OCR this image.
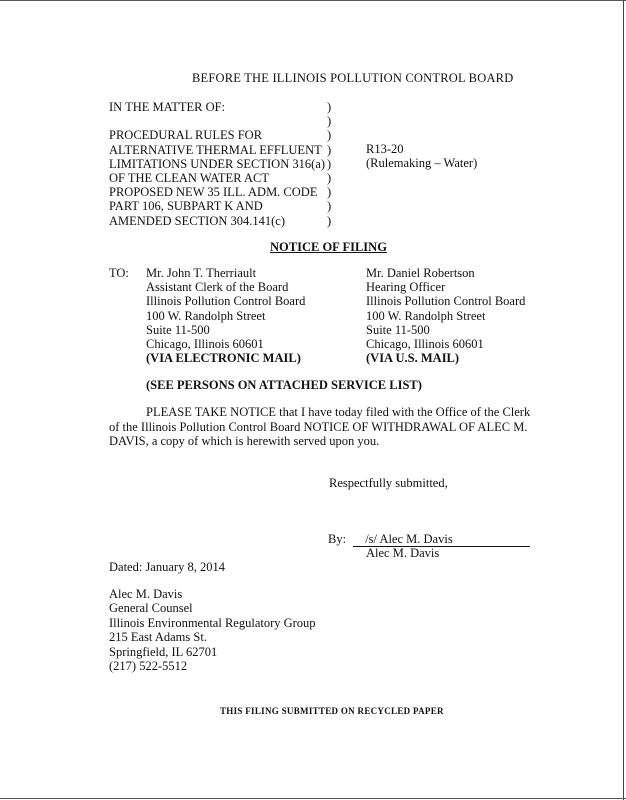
BEFORE THE ILLINOIS POLLUTION CONTROL BOARD
IN THE MATTER OF:
PROCEDURAL RULES FOR
ALTERNATIVE THERMAL EFFLUENT
LIMITATIONS UNDER SECTION 316(a)
OF THE CLEAN WATER ACT
PROPOSED NEW 35 ILL. ADM. CODE
PART 106, SUBPART K AND
AMENDED SECTION 304.141(c)
)
)
)
)
)
)
)
)
)
R13-20
(Rulemaking – Water)
NOTICE OF FILING
TO: Mr. John T. Therriault
Assistant Clerk of the Board
Illinois Pollution Control Board
100 W. Randolph Street
Suite 11-500
Chicago, Illinois 60601
(VIA ELECTRONIC MAIL)
Mr. Daniel Robertson
Hearing Officer
Illinois Pollution Control Board
100 W. Randolph Street
Suite 11-500
Chicago, Illinois 60601
(VIA U.S. MAIL)
(SEE PERSONS ON ATTACHED SERVICE LIST)
PLEASE TAKE NOTICE that I have today filed with the Office of the Clerk of the Illinois Pollution Control Board NOTICE OF WITHDRAWAL OF ALEC M. DAVIS, a copy of which is herewith served upon you.
Respectfully submitted,
By: /s/ Alec M. Davis
Alec M. Davis
Dated: January 8, 2014
Alec M. Davis
General Counsel
Illinois Environmental Regulatory Group
215 East Adams St.
Springfield, IL 62701
(217) 522-5512
THIS FILING SUBMITTED ON RECYCLED PAPER
